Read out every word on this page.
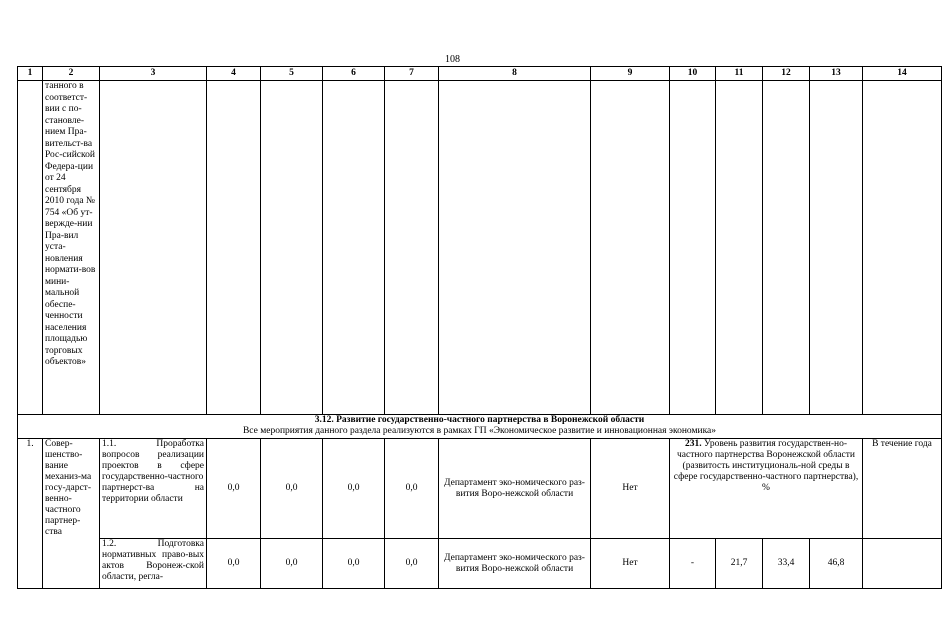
108
1	2	3	4	5	6	7	8	9	10	11	12	13	14
	танного в соответст-вии с по-становле-нием Пра-вительст-ва Рос-сийской Федера-ции от 24 сентября 2010 года № 754 «Об ут-вержде-нии Пра-вил уста-новления нормати-вов мини-мальной обеспе-ченности населения площадью торговых объектов»												
3.12. Развитие государственно-частного партнерства в Воронежской области
Все мероприятия данного раздела реализуются в рамках ГП «Экономическое развитие и инновационная экономика»													
1.	Совер-шенство-вание механиз-ма госу-дарст-венно-частного партнер-ства	1.1. Проработка вопросов реализации проектов в сфере государственно-частного партнерст-ва на территории области	0,0	0,0	0,0	0,0	Департамент эко-номического раз-вития Воро-нежской области	Нет	231. Уровень развития государствен-но-частного партнерства Воронежской области (развитость институциональ-ной среды в сфере государственно-частного партнерства), %				В течение года
		1.2. Подготовка нормативных право-вых актов Воронеж-ской области, регла-	0,0	0,0	0,0	0,0	Департамент эко-номического раз-вития Воро-нежской области	Нет	-	21,7	33,4	46,8	
